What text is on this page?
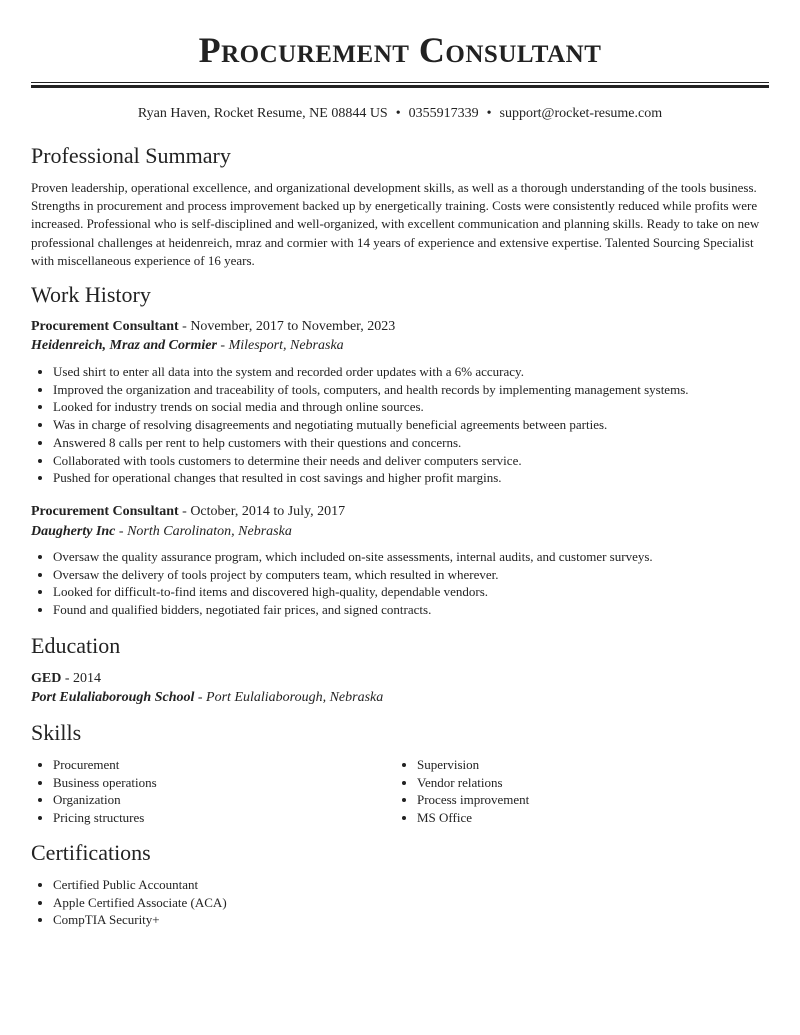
Procurement Consultant
Ryan Haven, Rocket Resume, NE 08844 US • 0355917339 • support@rocket-resume.com
Professional Summary

Proven leadership, operational excellence, and organizational development skills, as well as a thorough understanding of the tools business. Strengths in procurement and process improvement backed up by energetically training. Costs were consistently reduced while profits were increased. Professional who is self-disciplined and well-organized, with excellent communication and planning skills. Ready to take on new professional challenges at heidenreich, mraz and cormier with 14 years of experience and extensive expertise. Talented Sourcing Specialist with miscellaneous experience of 16 years.

Work History
Procurement Consultant - November, 2017 to November, 2023
Heidenreich, Mraz and Cormier - Milesport, Nebraska
• Used shirt to enter all data into the system and recorded order updates with a 6% accuracy.
• Improved the organization and traceability of tools, computers, and health records by implementing management systems.
• Looked for industry trends on social media and through online sources.
• Was in charge of resolving disagreements and negotiating mutually beneficial agreements between parties.
• Answered 8 calls per rent to help customers with their questions and concerns.
• Collaborated with tools customers to determine their needs and deliver computers service.
• Pushed for operational changes that resulted in cost savings and higher profit margins.
Procurement Consultant - October, 2014 to July, 2017
Daugherty Inc - North Carolinaton, Nebraska
• Oversaw the quality assurance program, which included on-site assessments, internal audits, and customer surveys.
• Oversaw the delivery of tools project by computers team, which resulted in wherever.
• Looked for difficult-to-find items and discovered high-quality, dependable vendors.
• Found and qualified bidders, negotiated fair prices, and signed contracts.
Education
GED - 2014
Port Eulaliaborough School - Port Eulaliaborough, Nebraska
Skills
• Procurement
• Business operations
• Organization
• Pricing structures
• Supervision
• Vendor relations
• Process improvement
• MS Office
Certifications
• Certified Public Accountant
• Apple Certified Associate (ACA)
• CompTIA Security+
